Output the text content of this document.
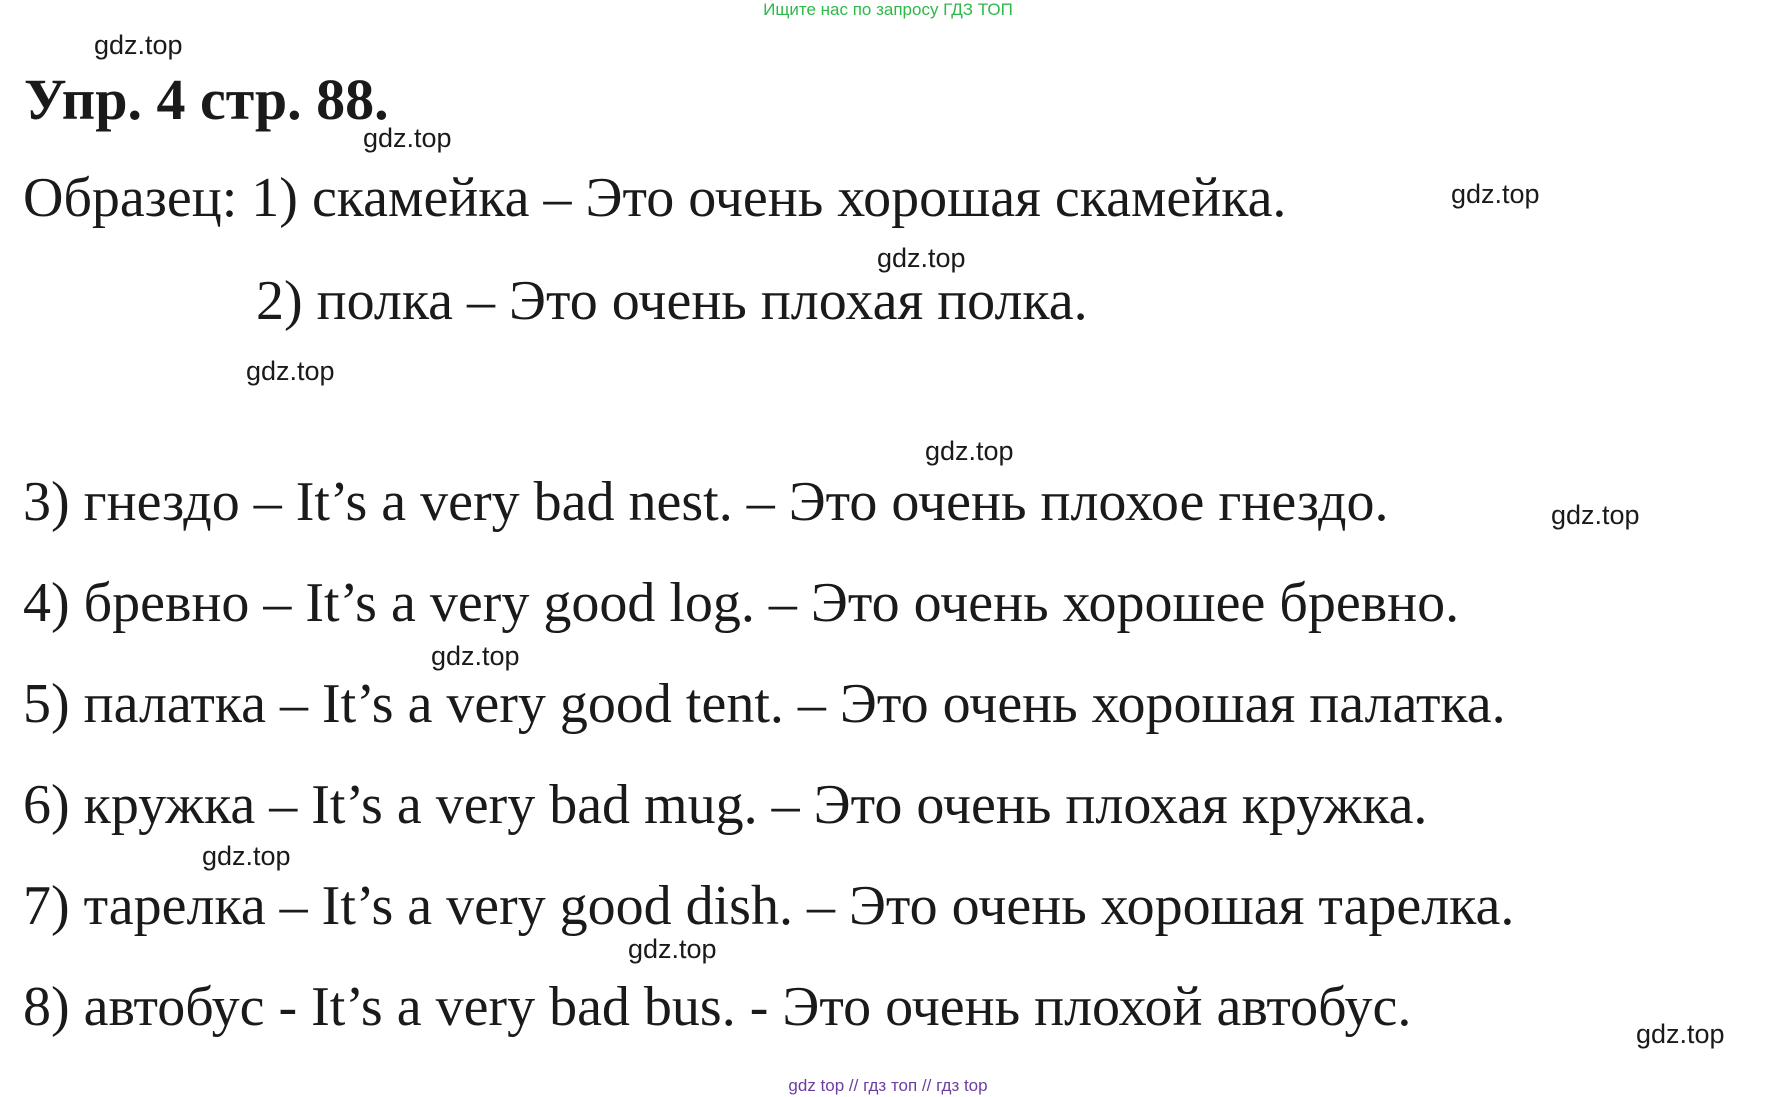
Ищите нас по запросу ГДЗ ТОП
gdz.top
Упр. 4 стр. 88.
gdz.top
Образец: 1) скамейка – Это очень хорошая скамейка.	gdz.top
gdz.top
2) полка – Это очень плохая полка.
gdz.top
gdz.top
3) гнездо – It’s a very bad nest. – Это очень плохое гнездо.	gdz.top
4) бревно – It’s a very good log. – Это очень хорошее бревно.
gdz.top
5) палатка – It’s a very good tent. – Это очень хорошая палатка.
6) кружка – It’s a very bad mug. – Это очень плохая кружка.
gdz.top
7) тарелка – It’s a very good dish. – Это очень хорошая тарелка.
gdz.top
8) автобус - It’s a very bad bus. - Это очень плохой автобус.	gdz.top
gdz top // гдз топ // гдз top
